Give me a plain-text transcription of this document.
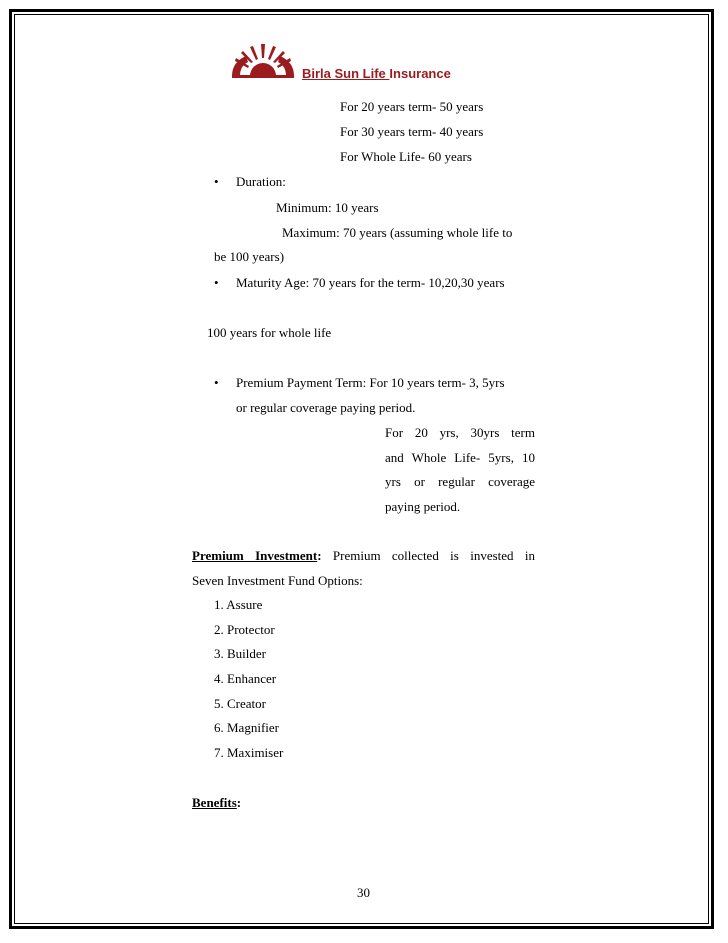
Birla Sun Life Insurance
For 20 years term- 50 years
For 30 years term- 40 years
For Whole Life- 60 years
• Duration:
Minimum: 10 years
Maximum: 70 years (assuming whole life to
be 100 years)
• Maturity Age: 70 years for the term- 10,20,30 years
100 years for whole life
• Premium Payment Term: For 10 years term- 3, 5yrs
or regular coverage paying period.
For 20 yrs, 30yrs term
and Whole Life- 5yrs, 10
yrs or regular coverage
paying period.
Premium Investment: Premium collected is invested in
Seven Investment Fund Options:
1. Assure
2. Protector
3. Builder
4. Enhancer
5. Creator
6. Magnifier
7. Maximiser
Benefits:
30
